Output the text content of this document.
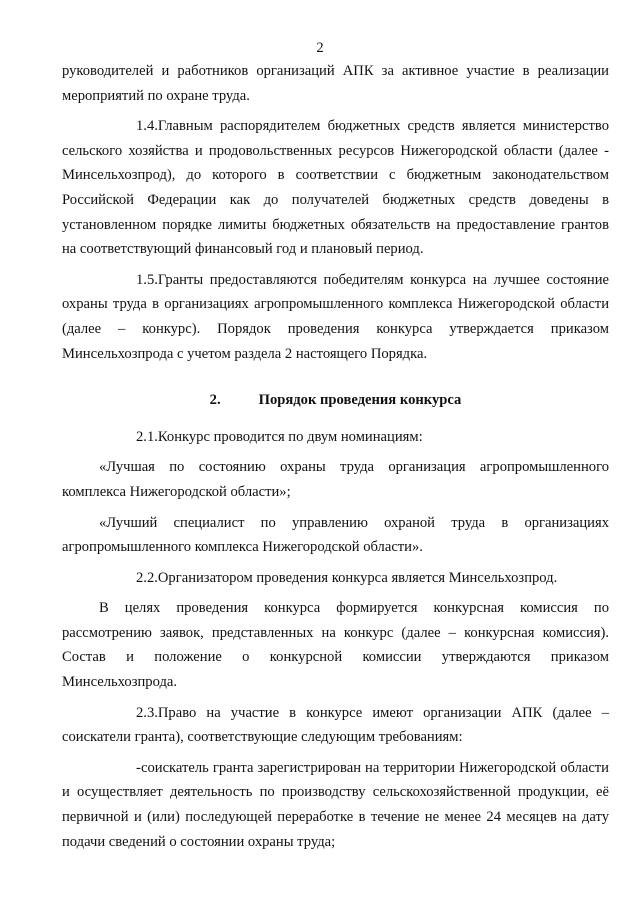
2

руководителей и работников организаций АПК за активное участие в реализации мероприятий по охране труда.

1.4.Главным распорядителем бюджетных средств является министерство сельского хозяйства и продовольственных ресурсов Нижегородской области (далее - Минсельхозпрод), до которого в соответствии с бюджетным законодательством Российской Федерации как до получателей бюджетных средств доведены в установленном порядке лимиты бюджетных обязательств на предоставление грантов на соответствующий финансовый год и плановый период.

1.5.Гранты предоставляются победителям конкурса на лучшее состояние охраны труда в организациях агропромышленного комплекса Нижегородской области (далее – конкурс). Порядок проведения конкурса утверждается приказом Минсельхозпрода с учетом раздела 2 настоящего Порядка.

2.	Порядок проведения конкурса

2.1.Конкурс проводится по двум номинациям:

«Лучшая по состоянию охраны труда организация агропромышленного комплекса Нижегородской области»;

«Лучший специалист по управлению охраной труда в организациях агропромышленного комплекса Нижегородской области».

2.2.Организатором проведения конкурса является Минсельхозпрод.

В целях проведения конкурса формируется конкурсная комиссия по рассмотрению заявок, представленных на конкурс (далее – конкурсная комиссия). Состав и положение о конкурсной комиссии утверждаются приказом Минсельхозпрода.

2.3.Право на участие в конкурсе имеют организации АПК (далее – соискатели гранта), соответствующие следующим требованиям:

-соискатель гранта зарегистрирован на территории Нижегородской области и осуществляет деятельность по производству сельскохозяйственной продукции, её первичной и (или) последующей переработке в течение не менее 24 месяцев на дату подачи сведений о состоянии охраны труда;
